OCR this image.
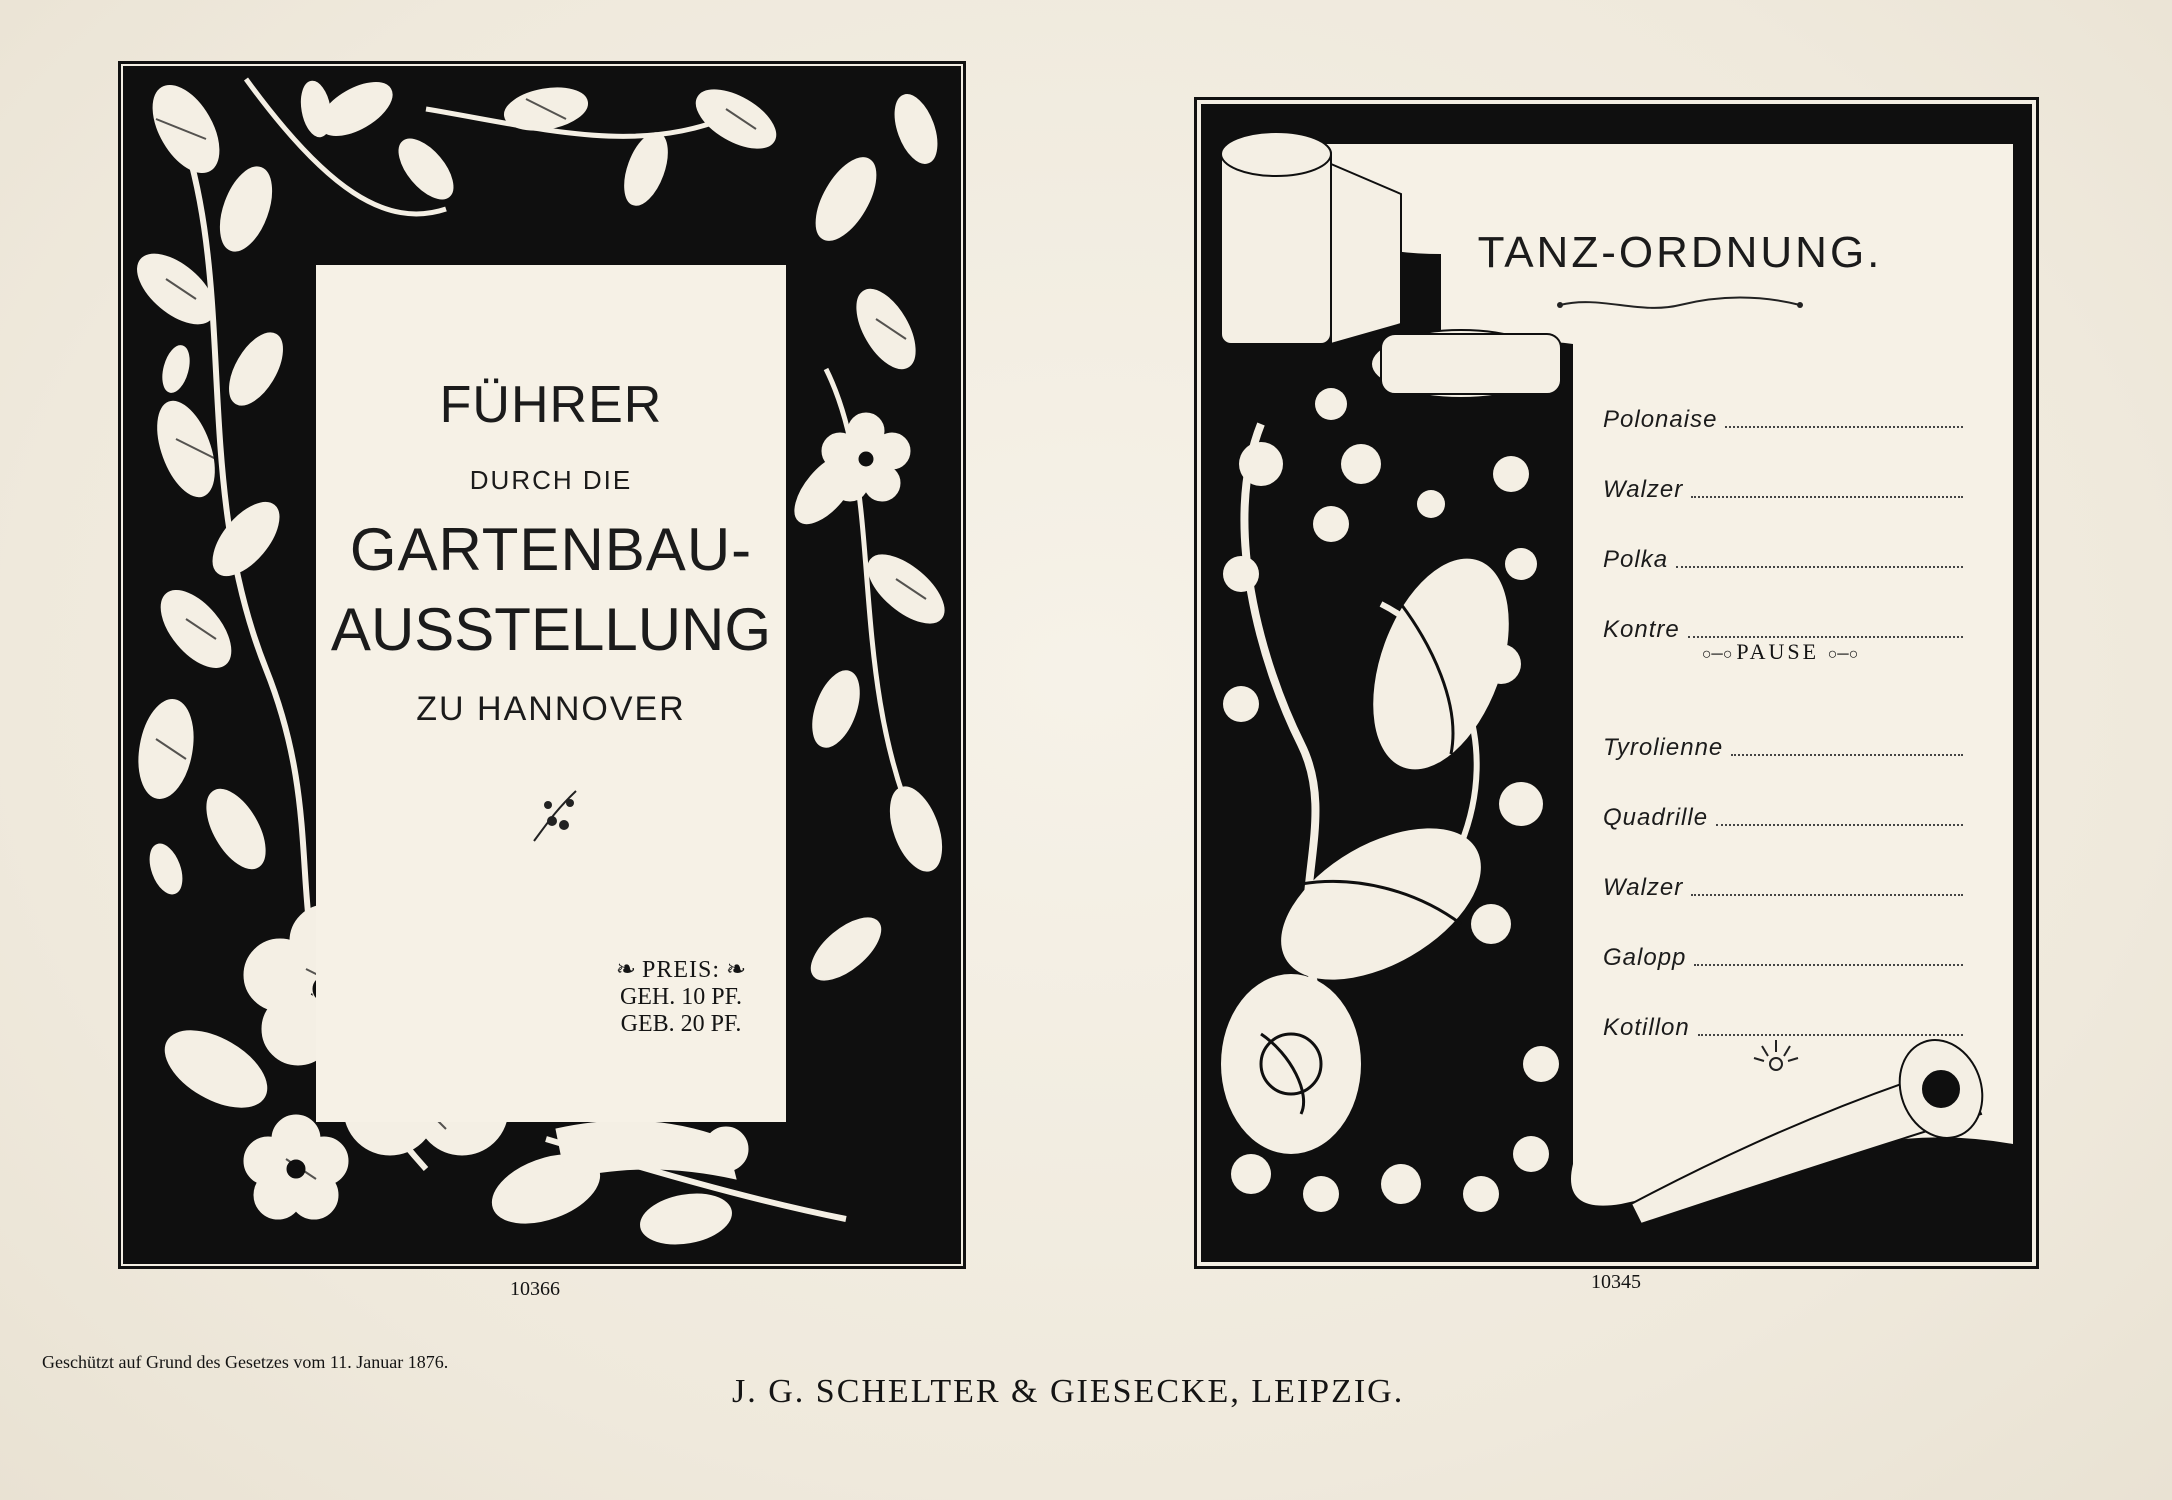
FÜHRER
DURCH DIE
GARTENBAU-
AUSSTELLUNG
ZU HANNOVER
❧ PREIS: ❧
GEH. 10 PF.
GEB. 20 PF.
10366
TANZ-ORDNUNG.
Polonaise
Walzer
Polka
Kontre
Tyrolienne
Quadrille
Walzer
Galopp
Kotillon
○─○ PAUSE ○─○
10345
Geschützt auf Grund des Gesetzes vom 11. Januar 1876.
J. G. SCHELTER & GIESECKE, LEIPZIG.
